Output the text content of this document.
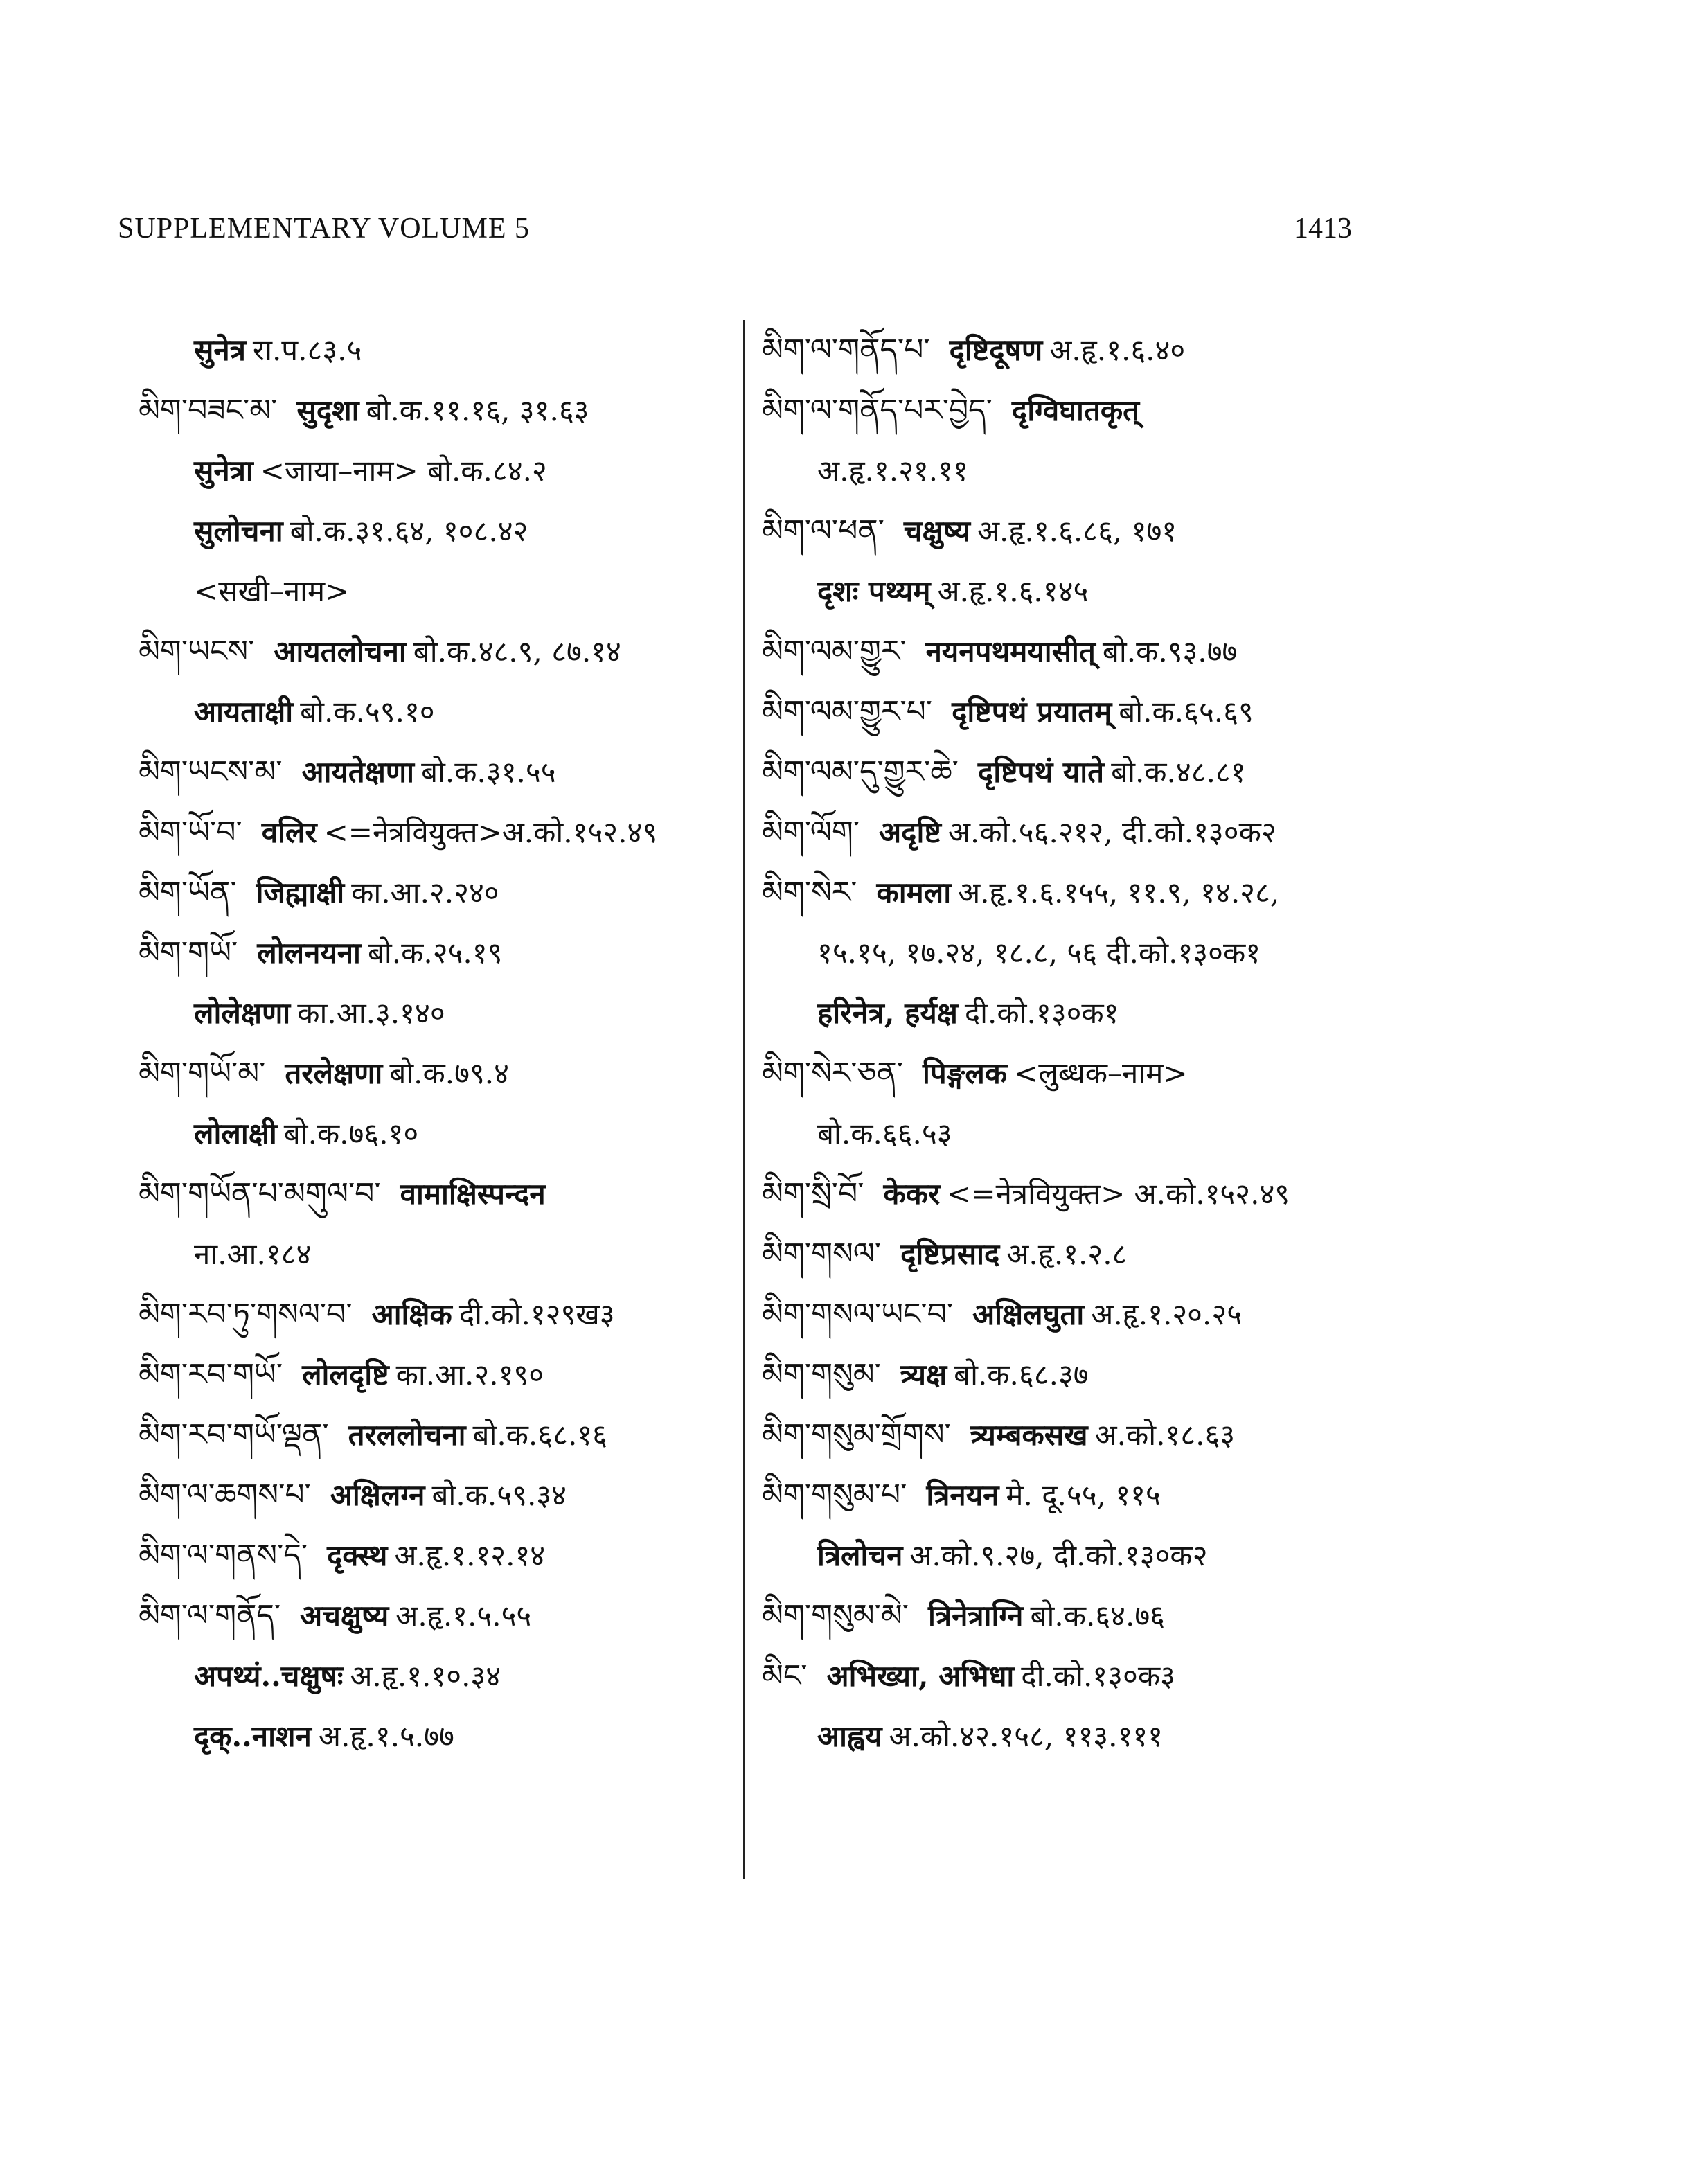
SUPPLEMENTARY VOLUME 5	1413
सुनेत्र रा.प.८३.५
མིག་བཟང་མ་ सुदृशा बो.क.११.१६, ३१.६३
सुनेत्रा <जाया–नाम> बो.क.८४.२
सुलोचना बो.क.३१.६४, १०८.४२
<सखी–नाम>
མིག་ཡངས་ आयतलोचना बो.क.४८.९, ८७.१४
आयताक्षी बो.क.५९.१०
མིག་ཡངས་མ་ आयतेक्षणा बो.क.३१.५५
མིག་ཡོ་བ་ वलिर <=नेत्रवियुक्त>अ.को.१५२.४९
མིག་ཡོན་ जिह्माक्षी का.आ.२.२४०
མིག་གཡོ་ लोलनयना बो.क.२५.१९
लोलेक्षणा का.आ.३.१४०
མིག་གཡོ་མ་ तरलेक्षणा बो.क.७९.४
लोलाक्षी बो.क.७६.१०
མིག་གཡོན་པ་མགུལ་བ་ वामाक्षिस्पन्दन
ना.आ.१८४
མིག་རབ་ཏུ་གསལ་བ་ आक्षिक दी.को.१२९ख३
མིག་རབ་གཡོ་ लोलदृष्टि का.आ.२.१९०
མིག་རབ་གཡོ་ལྡན་ तरललोचना बो.क.६८.१६
མིག་ལ་ཆགས་པ་ अक्षिलग्न बो.क.५९.३४
མིག་ལ་གནས་དེ་ दृक्स्थ अ.हृ.१.१२.१४
མིག་ལ་གནོད་ अचक्षुष्य अ.हृ.१.५.५५
अपथ्यं..चक्षुषः अ.हृ.१.१०.३४
दृक्..नाशन अ.हृ.१.५.७७
མིག་ལ་གནོད་པ་ दृष्टिदूषण अ.हृ.१.६.४०
མིག་ལ་གནོད་པར་བྱེད་ दृग्विघातकृत्
अ.हृ.१.२१.११
མིག་ལ་ཕན་ चक्षुष्य अ.हृ.१.६.८६, १७१
दृशः पथ्यम् अ.हृ.१.६.१४५
མིག་ལམ་གྱུར་ नयनपथमयासीत् बो.क.९३.७७
མིག་ལམ་གྱུར་པ་ दृष्टिपथं प्रयातम् बो.क.६५.६९
མིག་ལམ་དུ་གྱུར་ཆེ་ दृष्टिपथं याते बो.क.४८.८१
མིག་ལོག་ अदृष्टि अ.को.५६.२१२, दी.को.१३०क२
མིག་སེར་ कामला अ.हृ.१.६.१५५, ११.९, १४.२८,
१५.१५, १७.२४, १८.८, ५६ दी.को.१३०क१
हरिनेत्र, हर्यक्ष दी.को.१३०क१
མིག་སེར་ཅན་ पिङ्गलक <लुब्धक–नाम>
बो.क.६६.५३
མིག་སྲི་བོ་ केकर <=नेत्रवियुक्त> अ.को.१५२.४९
མིག་གསལ་ दृष्टिप्रसाद अ.हृ.१.२.८
མིག་གསལ་ཡང་བ་ अक्षिलघुता अ.हृ.१.२०.२५
མིག་གསུམ་ त्र्यक्ष बो.क.६८.३७
མིག་གསུམ་གྲོགས་ त्र्यम्बकसख अ.को.१८.६३
མིག་གསུམ་པ་ त्रिनयन मे. दू.५५, ११५
त्रिलोचन अ.को.९.२७, दी.को.१३०क२
མིག་གསུམ་མེ་ त्रिनेत्राग्नि बो.क.६४.७६
མིང་ अभिख्या, अभिधा दी.को.१३०क३
आह्वय अ.को.४२.१५८, ११३.१११
